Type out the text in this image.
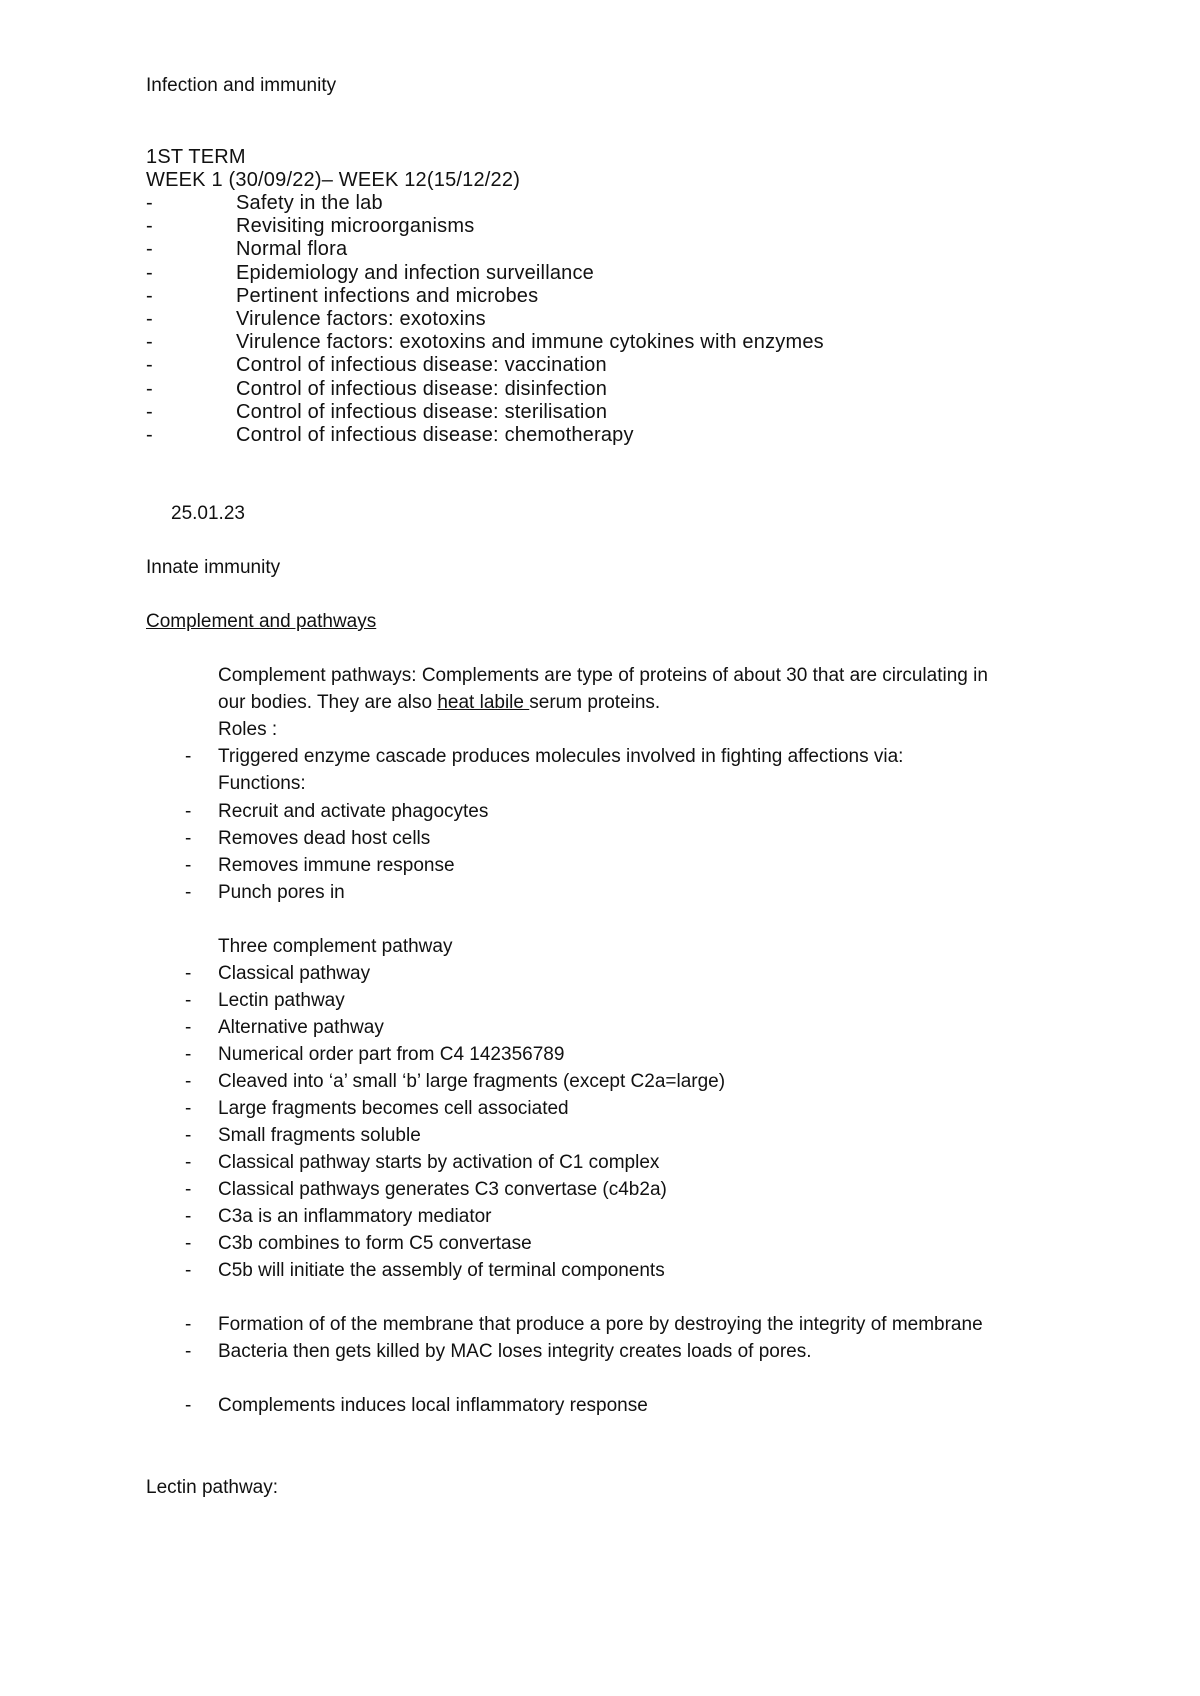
Infection and immunity
1ST TERM
WEEK 1 (30/09/22)– WEEK 12(15/12/22)
-	Safety in the lab
-	Revisiting microorganisms
-	Normal flora
-	Epidemiology and infection surveillance
-	Pertinent infections and microbes
-	Virulence factors: exotoxins
-	Virulence factors: exotoxins and immune cytokines with enzymes
-	Control of infectious disease: vaccination
-	Control of infectious disease: disinfection
-	Control of infectious disease: sterilisation
-	Control of infectious disease: chemotherapy
25.01.23
Innate immunity
Complement and pathways
Complement pathways: Complements are type of proteins of about 30 that are circulating in
our bodies. They are also heat labile serum proteins.
Roles :
- Triggered enzyme cascade produces molecules involved in fighting affections via:
Functions:
- Recruit and activate phagocytes
- Removes dead host cells
- Removes immune response
- Punch pores in
Three complement pathway
- Classical pathway
- Lectin pathway
- Alternative pathway
- Numerical order part from C4 142356789
- Cleaved into ‘a’ small ‘b’ large fragments (except C2a=large)
- Large fragments becomes cell associated
- Small fragments soluble
- Classical pathway starts by activation of C1 complex
- Classical pathways generates C3 convertase (c4b2a)
- C3a is an inflammatory mediator
- C3b combines to form C5 convertase
- C5b will initiate the assembly of terminal components
- Formation of of the membrane that produce a pore by destroying the integrity of membrane
- Bacteria then gets killed by MAC loses integrity creates loads of pores.
- Complements induces local inflammatory response
Lectin pathway:
